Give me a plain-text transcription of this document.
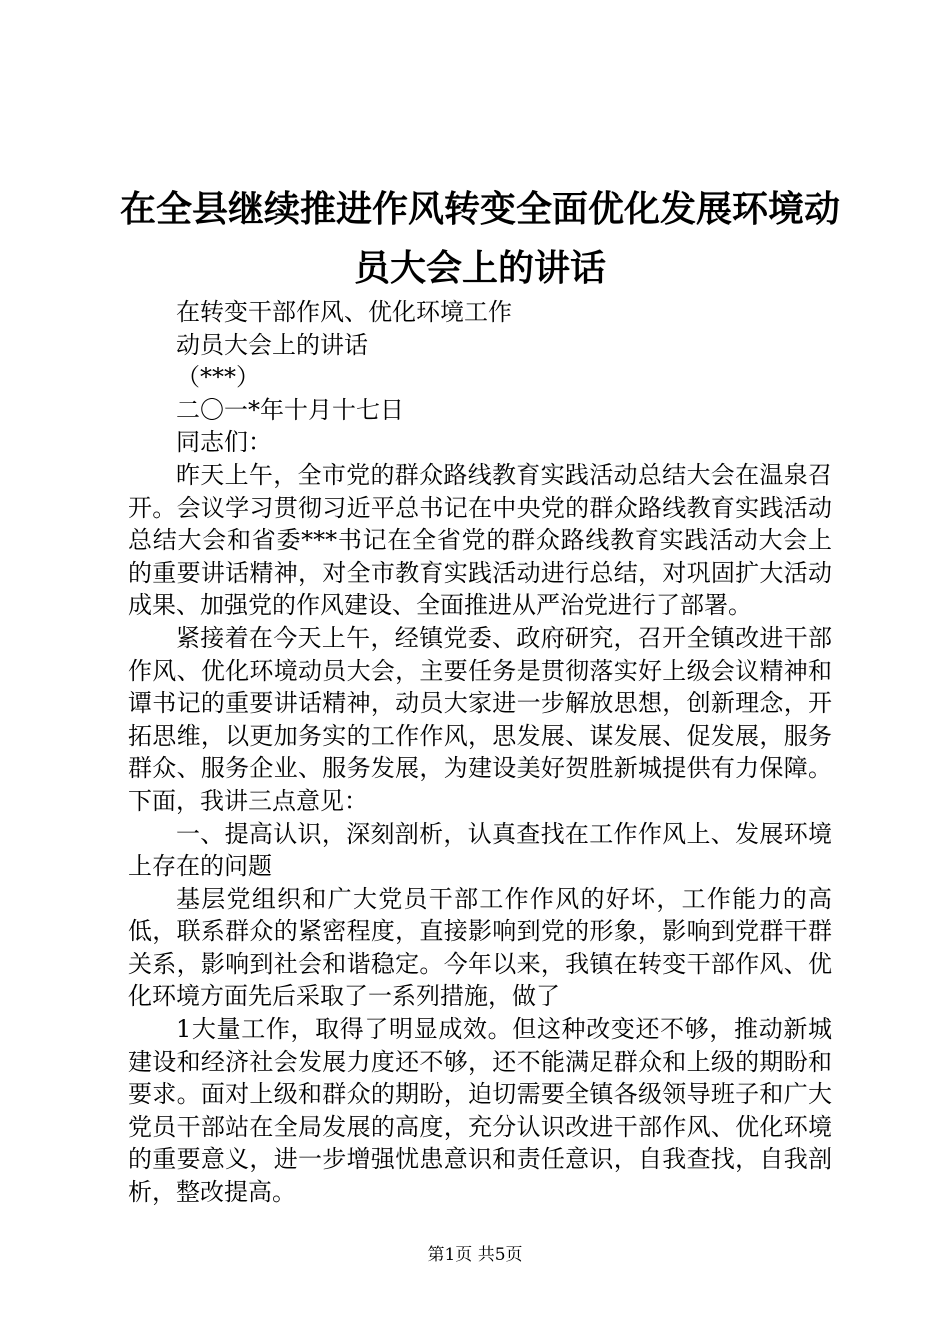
在全县继续推进作风转变全面优化发展环境动员大会上的讲话

在转变干部作风、优化环境工作

动员大会上的讲话

（***）

二〇一*年十月十七日

同志们：

昨天上午，全市党的群众路线教育实践活动总结大会在温泉召开。会议学习贯彻习近平总书记在中央党的群众路线教育实践活动总结大会和省委***书记在全省党的群众路线教育实践活动大会上的重要讲话精神，对全市教育实践活动进行总结，对巩固扩大活动成果、加强党的作风建设、全面推进从严治党进行了部署。

紧接着在今天上午，经镇党委、政府研究，召开全镇改进干部作风、优化环境动员大会，主要任务是贯彻落实好上级会议精神和谭书记的重要讲话精神，动员大家进一步解放思想，创新理念，开拓思维，以更加务实的工作作风，思发展、谋发展、促发展，服务群众、服务企业、服务发展，为建设美好贺胜新城提供有力保障。下面，我讲三点意见：

一、提高认识，深刻剖析，认真查找在工作作风上、发展环境上存在的问题

基层党组织和广大党员干部工作作风的好坏，工作能力的高低，联系群众的紧密程度，直接影响到党的形象，影响到党群干群关系，影响到社会和谐稳定。今年以来，我镇在转变干部作风、优化环境方面先后采取了一系列措施，做了

1大量工作，取得了明显成效。但这种改变还不够，推动新城建设和经济社会发展力度还不够，还不能满足群众和上级的期盼和要求。面对上级和群众的期盼，迫切需要全镇各级领导班子和广大党员干部站在全局发展的高度，充分认识改进干部作风、优化环境的重要意义，进一步增强忧患意识和责任意识，自我查找，自我剖析，整改提高。

第1页 共5页
